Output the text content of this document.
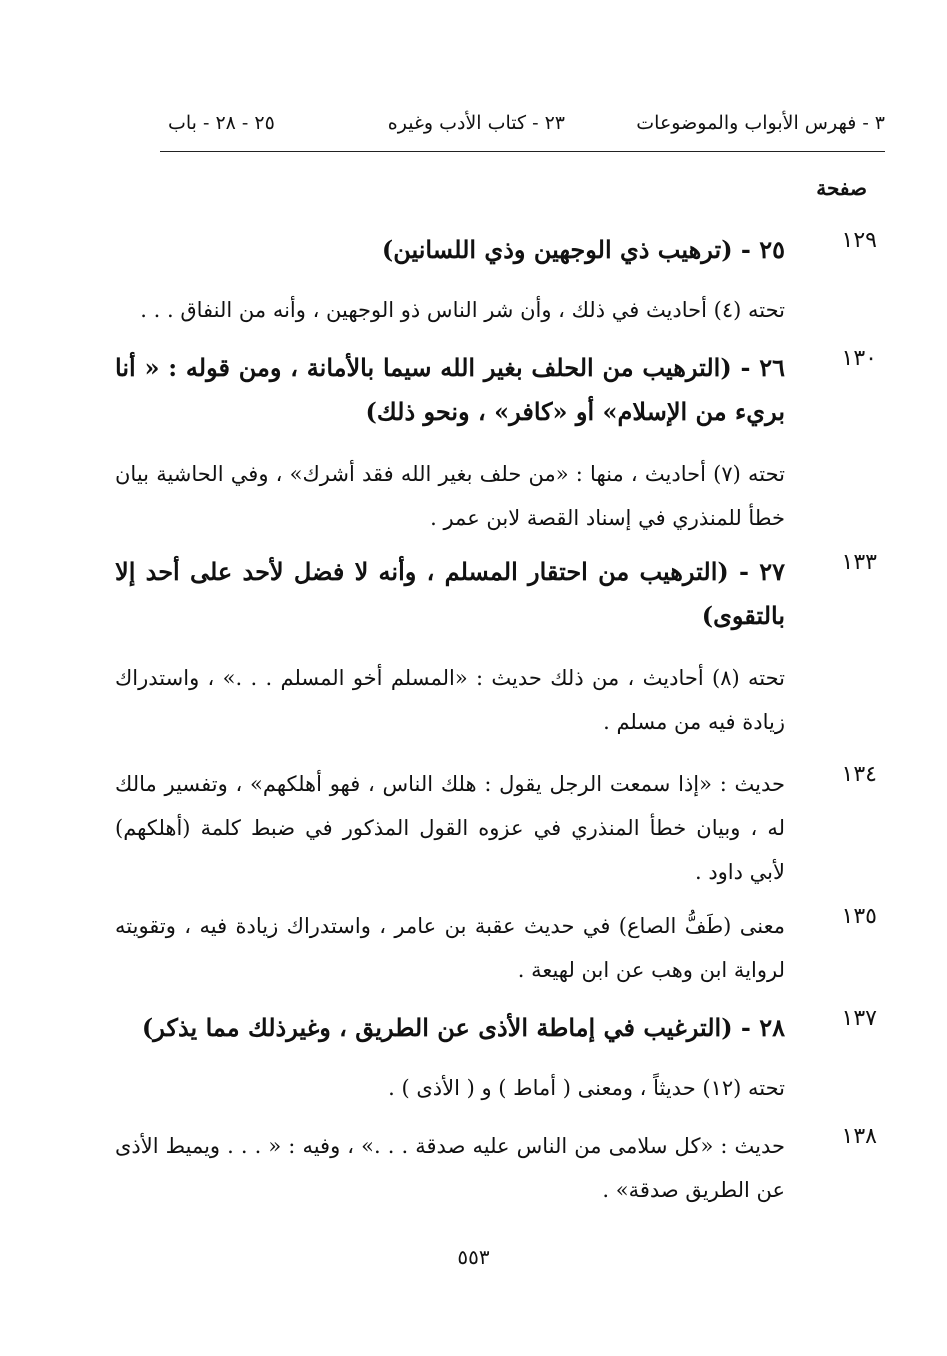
٣ - فهرس الأبواب والموضوعات
٢٣ - كتاب الأدب وغيره
٢٥ - ٢٨ - باب
صفحة
١٢٩
٢٥ - (ترهيب ذي الوجهين وذي اللسانين)
تحته (٤) أحاديث في ذلك ، وأن شر الناس ذو الوجهين ، وأنه من النفاق . . .
١٣٠
٢٦ - (الترهيب من الحلف بغير الله سيما بالأمانة ، ومن قوله : « أنا بريء من الإسلام» أو «كافر» ، ونحو ذلك)
تحته (٧) أحاديث ، منها : «من حلف بغير الله فقد أشرك» ، وفي الحاشية بيان خطأ للمنذري في إسناد القصة لابن عمر .
١٣٣
٢٧ - (الترهيب من احتقار المسلم ، وأنه لا فضل لأحد على أحد إلا بالتقوى)
تحته (٨) أحاديث ، من ذلك حديث : «المسلم أخو المسلم . . .» ، واستدراك زيادة فيه من مسلم .
١٣٤
حديث : «إذا سمعت الرجل يقول : هلك الناس ، فهو أهلكهم» ، وتفسير مالك له ، وبيان خطأ المنذري في عزوه القول المذكور في ضبط كلمة (أهلكهم) لأبي داود .
١٣٥
معنى (طَفُّ الصاع) في حديث عقبة بن عامر ، واستدراك زيادة فيه ، وتقويته لرواية ابن وهب عن ابن لهيعة .
١٣٧
٢٨ - (الترغيب في إماطة الأذى عن الطريق ، وغيرذلك مما يذكر)
تحته (١٢) حديثاً ، ومعنى ( أماط ) و ( الأذى ) .
١٣٨
حديث : «كل سلامى من الناس عليه صدقة . . .» ، وفيه : « . . . ويميط الأذى عن الطريق صدقة» .
٥٥٣
